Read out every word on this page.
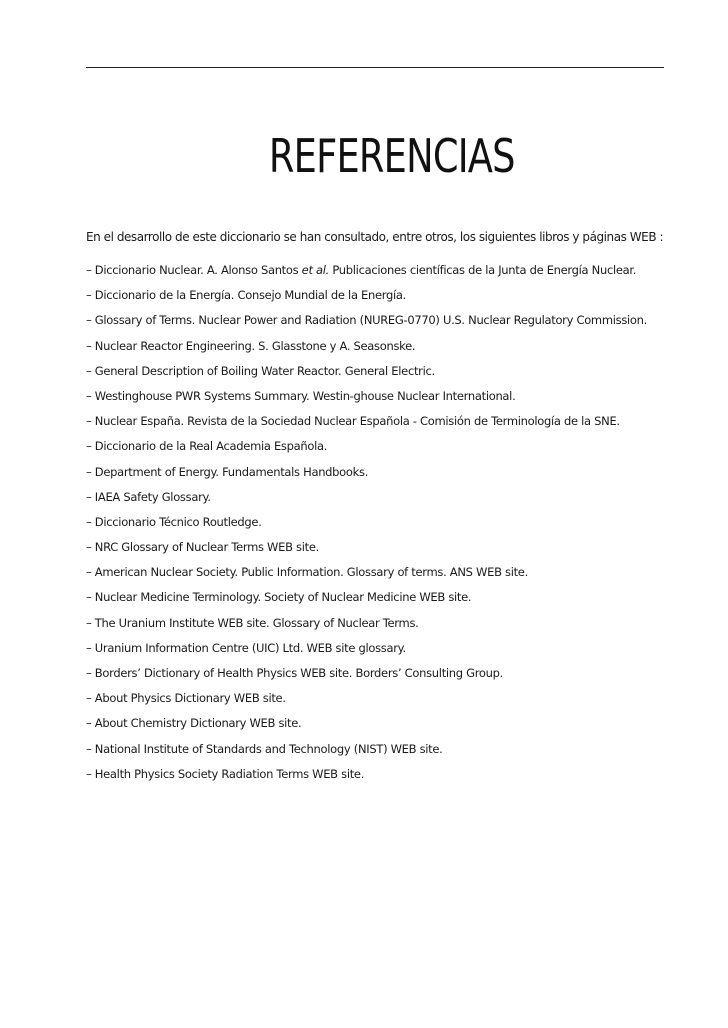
REFERENCIAS

En el desarrollo de este diccionario se han consultado, entre otros, los siguientes libros y páginas WEB :

– Diccionario Nuclear. A. Alonso Santos et al. Publicaciones científicas de la Junta de Energía Nuclear.
– Diccionario de la Energía. Consejo Mundial de la Energía.
– Glossary of Terms. Nuclear Power and Radiation (NUREG-0770) U.S. Nuclear Regulatory Commission.
– Nuclear Reactor Engineering. S. Glasstone y A. Seasonske.
– General Description of Boiling Water Reactor. General Electric.
– Westinghouse PWR Systems Summary. Westin-ghouse Nuclear International.
– Nuclear España. Revista de la Sociedad Nuclear Española - Comisión de Terminología de la SNE.
– Diccionario de la Real Academia Española.
– Department of Energy. Fundamentals Handbooks.
– IAEA Safety Glossary.
– Diccionario Técnico Routledge.
– NRC Glossary of Nuclear Terms WEB site.
– American Nuclear Society. Public Information. Glossary of terms. ANS WEB site.
– Nuclear Medicine Terminology. Society of Nuclear Medicine WEB site.
– The Uranium Institute WEB site. Glossary of Nuclear Terms.
– Uranium Information Centre (UIC) Ltd. WEB site glossary.
– Borders’ Dictionary of Health Physics WEB site. Borders’ Consulting Group.
– About Physics Dictionary WEB site.
– About Chemistry Dictionary WEB site.
– National Institute of Standards and Technology (NIST) WEB site.
– Health Physics Society Radiation Terms WEB site.
